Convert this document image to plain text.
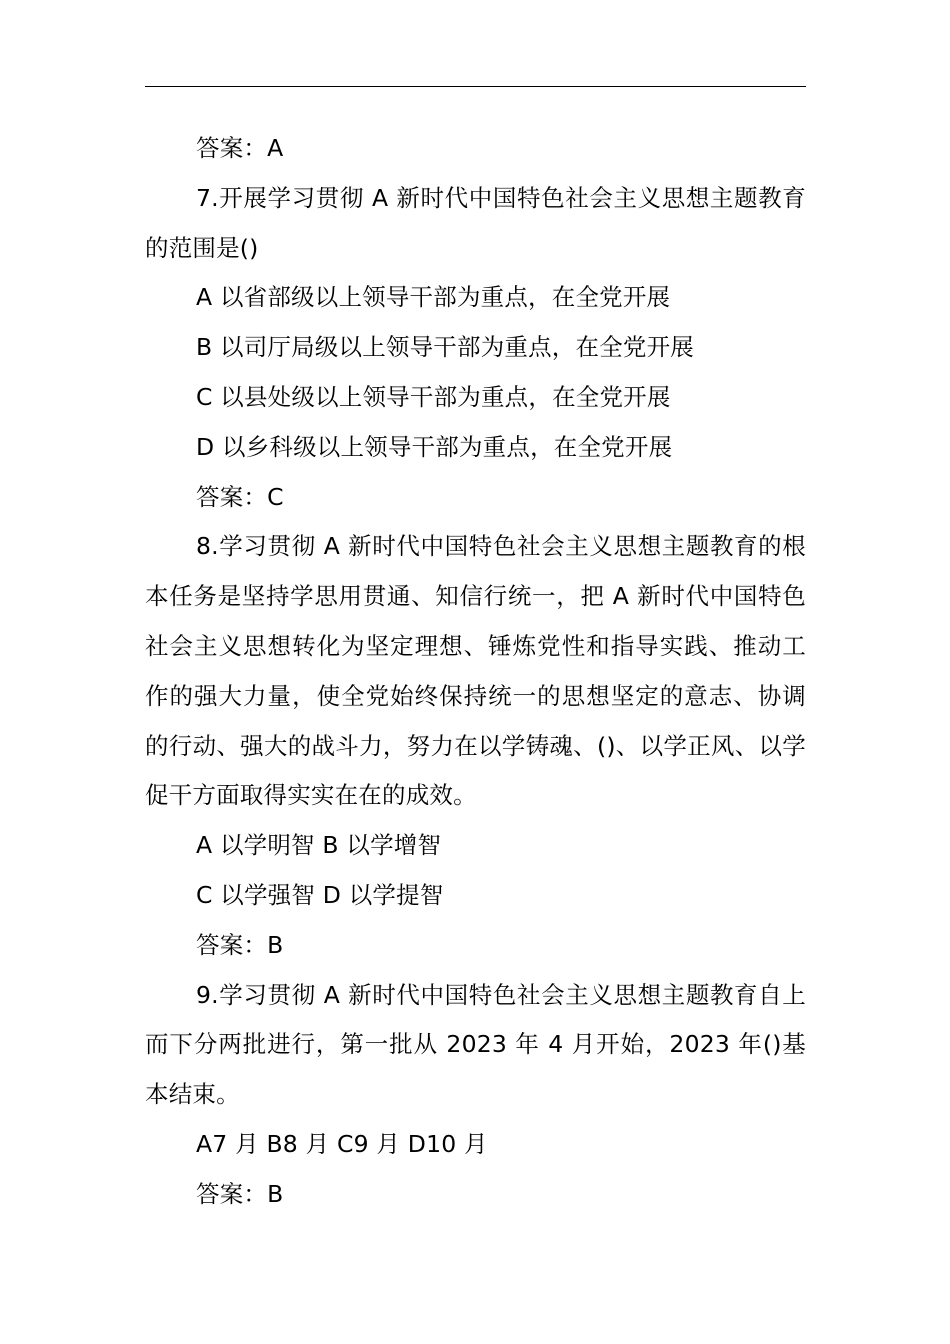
答案：A

7.开展学习贯彻 A 新时代中国特色社会主义思想主题教育的范围是()

A 以省部级以上领导干部为重点，在全党开展

B 以司厅局级以上领导干部为重点，在全党开展

C 以县处级以上领导干部为重点，在全党开展

D 以乡科级以上领导干部为重点，在全党开展

答案：C

8.学习贯彻 A 新时代中国特色社会主义思想主题教育的根本任务是坚持学思用贯通、知信行统一，把 A 新时代中国特色社会主义思想转化为坚定理想、锤炼党性和指导实践、推动工作的强大力量，使全党始终保持统一的思想坚定的意志、协调的行动、强大的战斗力，努力在以学铸魂、()、以学正风、以学促干方面取得实实在在的成效。

A 以学明智 B 以学增智

C 以学强智 D 以学提智

答案：B

9.学习贯彻 A 新时代中国特色社会主义思想主题教育自上而下分两批进行，第一批从 2023 年 4 月开始，2023 年()基本结束。

A7 月 B8 月 C9 月 D10 月

答案：B
